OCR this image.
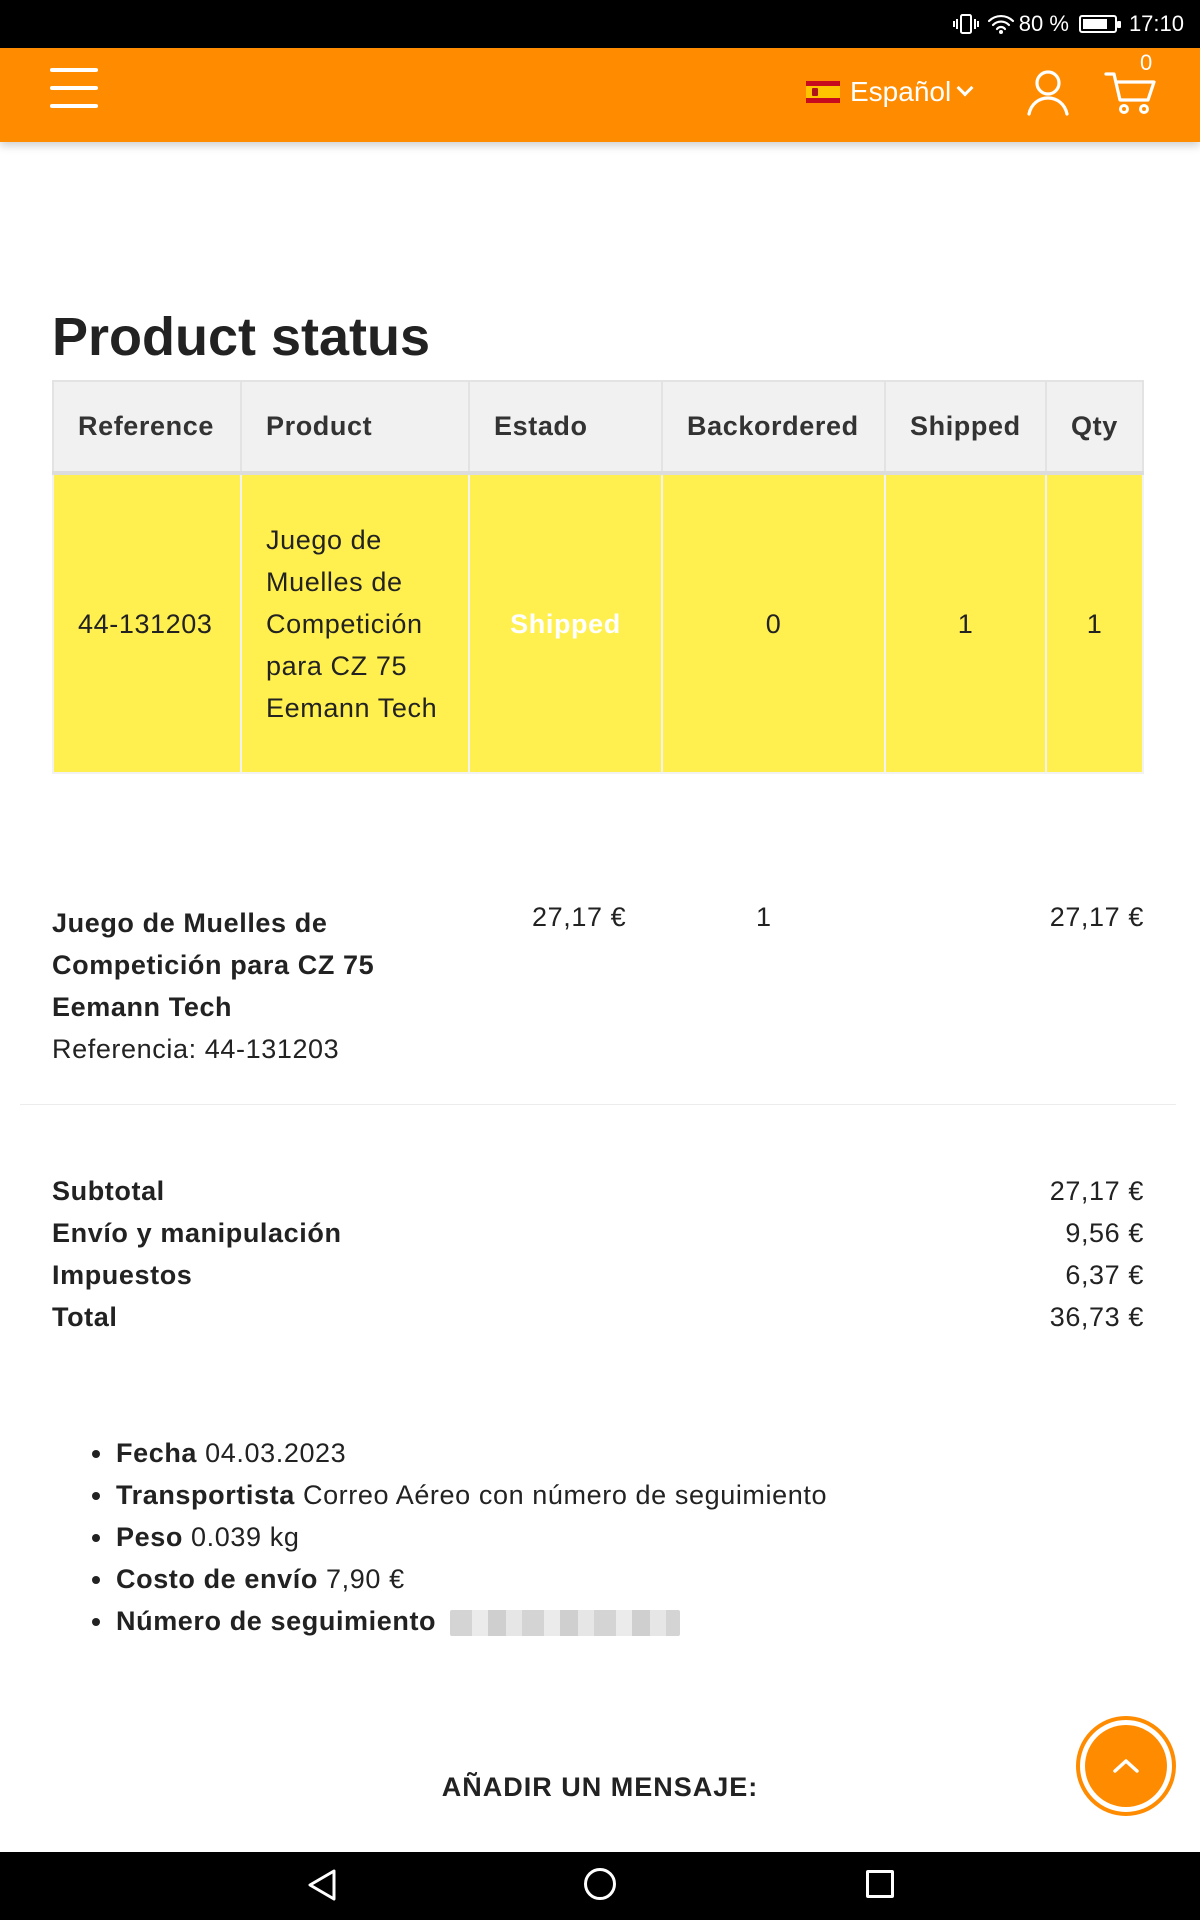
80 %	17:10
Español
0
Product status
Reference	Product	Estado	Backordered	Shipped	Qty
44-131203	Juego de Muelles de Competición para CZ 75 Eemann Tech	Shipped	0	1	1
Juego de Muelles de Competición para CZ 75 Eemann Tech
Referencia: 44-131203
27,17 €	1	27,17 €
Subtotal	27,17 €
Envío y manipulación	9,56 €
Impuestos	6,37 €
Total	36,73 €
Fecha 04.03.2023
Transportista Correo Aéreo con número de seguimiento
Peso 0.039 kg
Costo de envío 7,90 €
Número de seguimiento
AÑADIR UN MENSAJE:
